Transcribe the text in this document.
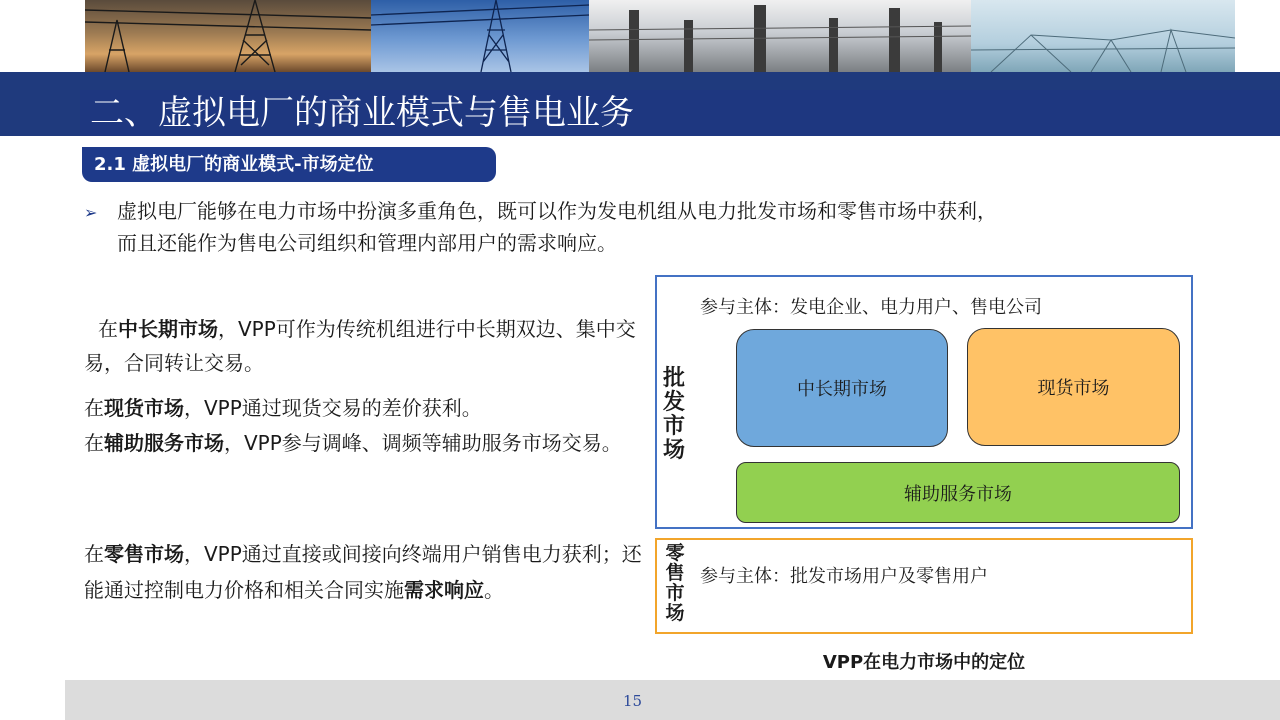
二、虚拟电厂的商业模式与售电业务
2.1 虚拟电厂的商业模式-市场定位
➢ 虚拟电厂能够在电力市场中扮演多重角色，既可以作为发电机组从电力批发市场和零售市场中获利，
而且还能作为售电公司组织和管理内部用户的需求响应。
在中长期市场，VPP可作为传统机组进行中长期双边、集中交易，合同转让交易。
在现货市场，VPP通过现货交易的差价获利。
在辅助服务市场，VPP参与调峰、调频等辅助服务市场交易。
在零售市场，VPP通过直接或间接向终端用户销售电力获利；还能通过控制电力价格和相关合同实施需求响应。
批发市场
参与主体：发电企业、电力用户、售电公司
中长期市场	现货市场
辅助服务市场
零售市场
参与主体：批发市场用户及零售用户
VPP在电力市场中的定位
15
